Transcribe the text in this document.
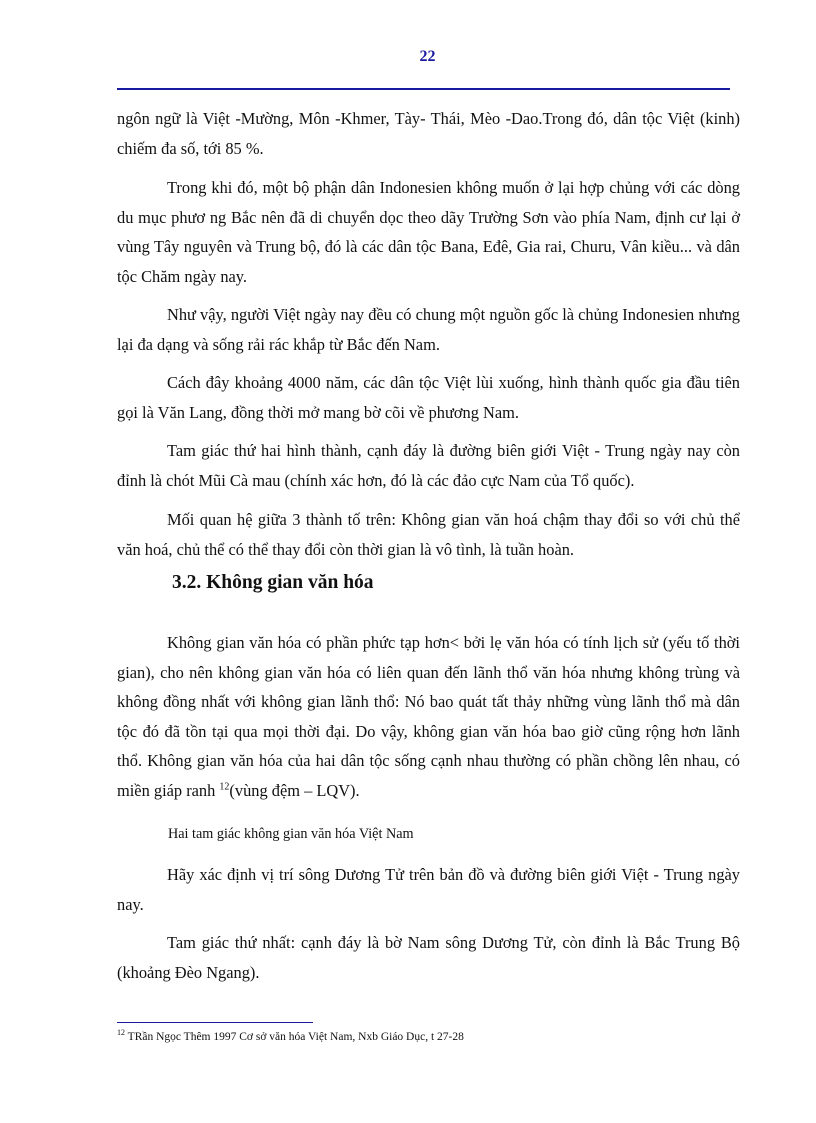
22

ngôn ngữ là Việt -Mường, Môn -Khmer, Tày- Thái, Mèo -Dao.Trong đó, dân tộc Việt (kinh) chiếm đa số, tới 85 %.

Trong khi đó, một bộ phận dân Indonesien không muốn ở lại hợp chủng với các dòng du mục phươ ng Bắc nên đã di chuyển dọc theo dãy Trường Sơn vào phía Nam, định cư lại ở vùng Tây nguyên và Trung bộ, đó là các dân tộc Bana, Eđê, Gia rai, Churu, Vân kiều... và dân tộc Chăm ngày nay.

Như vậy, người Việt ngày nay đều có chung một nguồn gốc là chủng Indonesien nhưng lại đa dạng và sống rải rác khắp từ Bắc đến Nam.

Cách đây khoảng 4000 năm, các dân tộc Việt lùi xuống, hình thành quốc gia đầu tiên gọi là Văn Lang, đồng thời mở mang bờ cõi về phương Nam.

Tam giác thứ hai hình thành, cạnh đáy là đường biên giới Việt - Trung ngày nay còn đỉnh là chót Mũi Cà mau (chính xác hơn, đó là các đảo cực Nam của Tổ quốc).

Mối quan hệ giữa 3 thành tố trên: Không gian văn hoá chậm thay đổi so với chủ thể văn hoá, chủ thể có thể thay đổi còn thời gian là vô tình, là tuần hoàn.

3.2. Không gian văn hóa

Không gian văn hóa có phần phức tạp hơn< bởi lẹ văn hóa có tính lịch sử (yếu tố thời gian), cho nên không gian văn hóa có liên quan đến lãnh thổ văn hóa nhưng không trùng và không đồng nhất với không gian lãnh thổ: Nó bao quát tất thảy những vùng lãnh thổ mà dân tộc đó đã tồn tại qua mọi thời đại. Do vậy, không gian văn hóa bao giờ cũng rộng hơn lãnh thổ. Không gian văn hóa của hai dân tộc sống cạnh nhau thường có phần chồng lên nhau, có miền giáp ranh $^{12}$(vùng đệm – LQV).

Hai tam giác không gian văn hóa Việt Nam

Hãy xác định vị trí sông Dương Tử trên bản đồ và đường biên giới Việt - Trung ngày nay.

Tam giác thứ nhất: cạnh đáy là bờ Nam sông Dương Tử, còn đỉnh là Bắc Trung Bộ (khoảng Đèo Ngang).

$^{12}$ TRần Ngọc Thêm 1997 Cơ sở văn hóa Việt Nam, Nxb Giáo Dục, t 27-28
